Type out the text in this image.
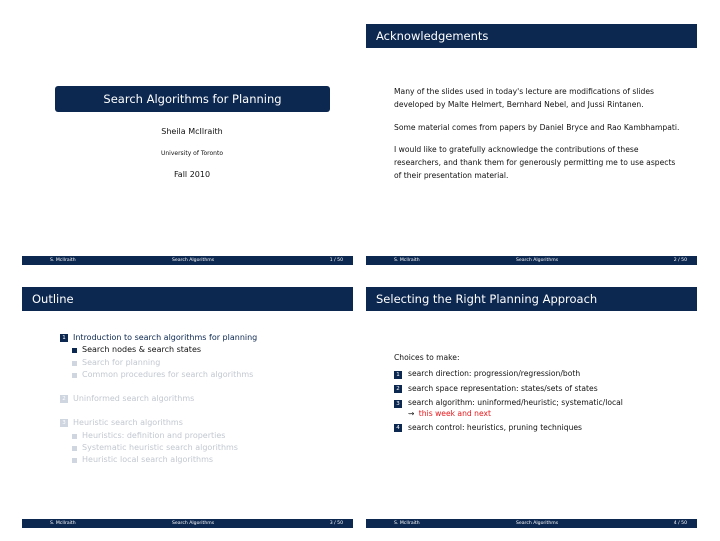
Search Algorithms for Planning
Sheila McIlraith
University of Toronto
Fall 2010
S. McIlraith	Search Algorithms	1 / 50
Acknowledgements

Many of the slides used in today's lecture are modifications of slides developed by Malte Helmert, Bernhard Nebel, and Jussi Rintanen.

Some material comes from papers by Daniel Bryce and Rao Kambhampati.

I would like to gratefully acknowledge the contributions of these researchers, and thank them for generously permitting me to use aspects of their presentation material.

S. McIlraith	Search Algorithms	2 / 50
Outline
1 Introduction to search algorithms for planning
Search nodes & search states
Search for planning
Common procedures for search algorithms
2 Uninformed search algorithms
3 Heuristic search algorithms
Heuristics: definition and properties
Systematic heuristic search algorithms
Heuristic local search algorithms
S. McIlraith	Search Algorithms	3 / 50
Selecting the Right Planning Approach
Choices to make:
1 search direction: progression/regression/both
2 search space representation: states/sets of states
3 search algorithm: uninformed/heuristic; systematic/local
⇝ this week and next
4 search control: heuristics, pruning techniques
S. McIlraith	Search Algorithms	4 / 50
